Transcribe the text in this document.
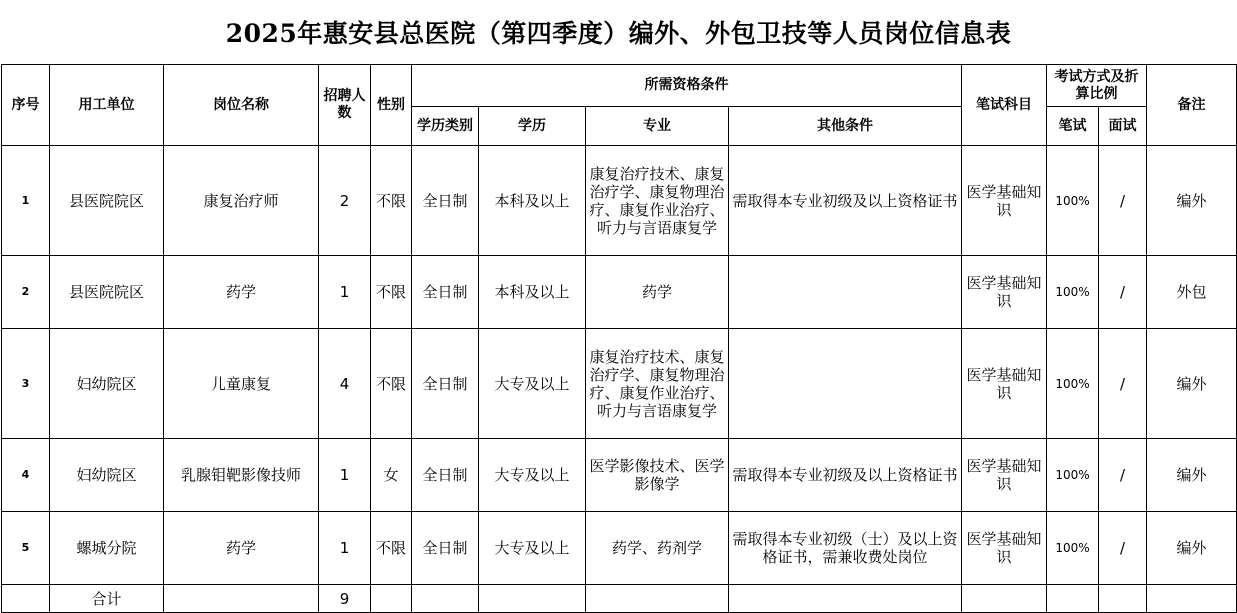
2025年惠安县总医院（第四季度）编外、外包卫技等人员岗位信息表
序号	用工单位	岗位名称	招聘人数	性别	所需资格条件				笔试科目	考试方式及折算比例		备注
					学历类别	学历	专业	其他条件		笔试	面试	
1	县医院院区	康复治疗师	2	不限	全日制	本科及以上	康复治疗技术、康复治疗学、康复物理治疗、康复作业治疗、听力与言语康复学	需取得本专业初级及以上资格证书	医学基础知识	100%	/	编外
2	县医院院区	药学	1	不限	全日制	本科及以上	药学		医学基础知识	100%	/	外包
3	妇幼院区	儿童康复	4	不限	全日制	大专及以上	康复治疗技术、康复治疗学、康复物理治疗、康复作业治疗、听力与言语康复学		医学基础知识	100%	/	编外
4	妇幼院区	乳腺钼靶影像技师	1	女	全日制	大专及以上	医学影像技术、医学影像学	需取得本专业初级及以上资格证书	医学基础知识	100%	/	编外
5	螺城分院	药学	1	不限	全日制	大专及以上	药学、药剂学	需取得本专业初级（士）及以上资格证书，需兼收费处岗位	医学基础知识	100%	/	编外
	合计		9									
